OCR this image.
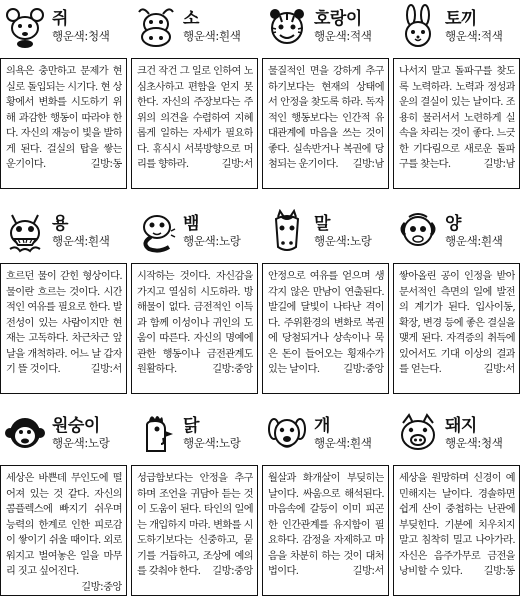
쥐
행운색:청색
의욕은 충만하고 문제가 현실로 돌입되는 시기다. 현 상황에서 변화를 시도하기 위해 과감한 행동이 따라야 한다. 자신의 재능이 빛을 발하게 된다. 걸실의 탑을 쌓는 운기이다.	길방:동
소
행운색:흰색
크건 작건 그 일로 인하여 노심초사하고 편함을 얻지 못한다. 자신의 주장보다는 주위의 의견을 수렴하여 지혜롭게 일하는 자세가 필요하다. 휴식시 서북방향으로 머리를 향하라.	길방:서
호랑이
행운색:적색
물질적인 면을 강하게 추구하기보다는 현재의 상태에서 안정을 찾도록 하라. 독자적인 행동보다는 인간적 유대관계에 마음을 쓰는 것이 좋다. 실속반거나 복권에 당첨되는 운기이다. 길방:남
토끼
행운색:적색
나서지 말고 돌파구를 찾도록 노력하라. 노력과 정성과 운의 결실이 있는 날이다. 조용히 물러서서 노련하게 실속을 차리는 것이 좋다. 느긋한 기다림으로 새로운 돌파구를 찾는다.	길방:남
용
행운색:흰색
흐르던 물이 갇힌 형상이다. 물이란 흐르는 것이다. 시간적인 여유를 필요로 한다. 발전성이 있는 사람이지만 현재는 고독하다. 차근차근 앞날을 개척하라. 어느 날 갑자기 뜰 것이다.	길방:서
뱀
행운색:노랑
시작하는 것이다. 자신감을 가지고 열심히 시도하라. 방해물이 없다. 금전적인 이득과 함께 이성이나 귀인의 도움이 따른다. 자신의 명예에 관한 행동이나 금전관계도 원활하다.	길방:중앙
말
행운색:노랑
안정으로 여유를 얻으며 생각지 않은 만남이 연출된다. 발길에 달빛이 나타난 격이다. 주위환경의 변화로 복권에 당첨되거나 상속이나 묵은 돈이 들어오는 횡재수가 있는 날이다. 길방:중앙
양
행운색:흰색
쌓아올린 공이 인정을 받아 문서적인 측면의 일에 발전의 계기가 된다. 입사이동, 확장, 변경 등에 좋은 결실을 맺게 된다. 자격증의 취득에 있어서도 기대 이상의 결과를 얻는다.	길방:서
원숭이
행운색:노랑
세상은 바쁜데 무인도에 떨어져 있는 것 같다. 자신의 콤플렉스에 빠지기 쉬우며 능력의 한계로 인한 피로감이 쌓이기 쉬울 때이다. 외로워지고 벌여놓은 일을 마무리 짓고 싶어진다.
길방:중앙
닭
행운색:노랑
성급함보다는 안정을 추구하며 조언을 귀담아 듣는 것이 도움이 된다. 타인의 일에는 개입하지 마라. 변화를 시도하기보다는 신중하고, 묻기를 거듭하고, 조상에 예의를 갖춰야 한다. 길방:중앙
개
행운색:흰색
월살과 화개살이 부딪히는 날이다. 싸움으로 해석된다. 마음속에 갈등이 이미 피곤한 인간관계를 유지함이 필요하다. 감정을 자제하고 마음을 차분히 하는 것이 대처법이다.	길방:서
돼지
행운색:청색
세상을 원망하며 신경이 예민해지는 날이다. 경솔하면 쉽게 산이 중첩하는 난관에 부딪힌다. 기분에 치우치지 말고 침착히 밀고 나아가라. 자신은 음주가무로 금전을 낭비할 수 있다. 길방:동
